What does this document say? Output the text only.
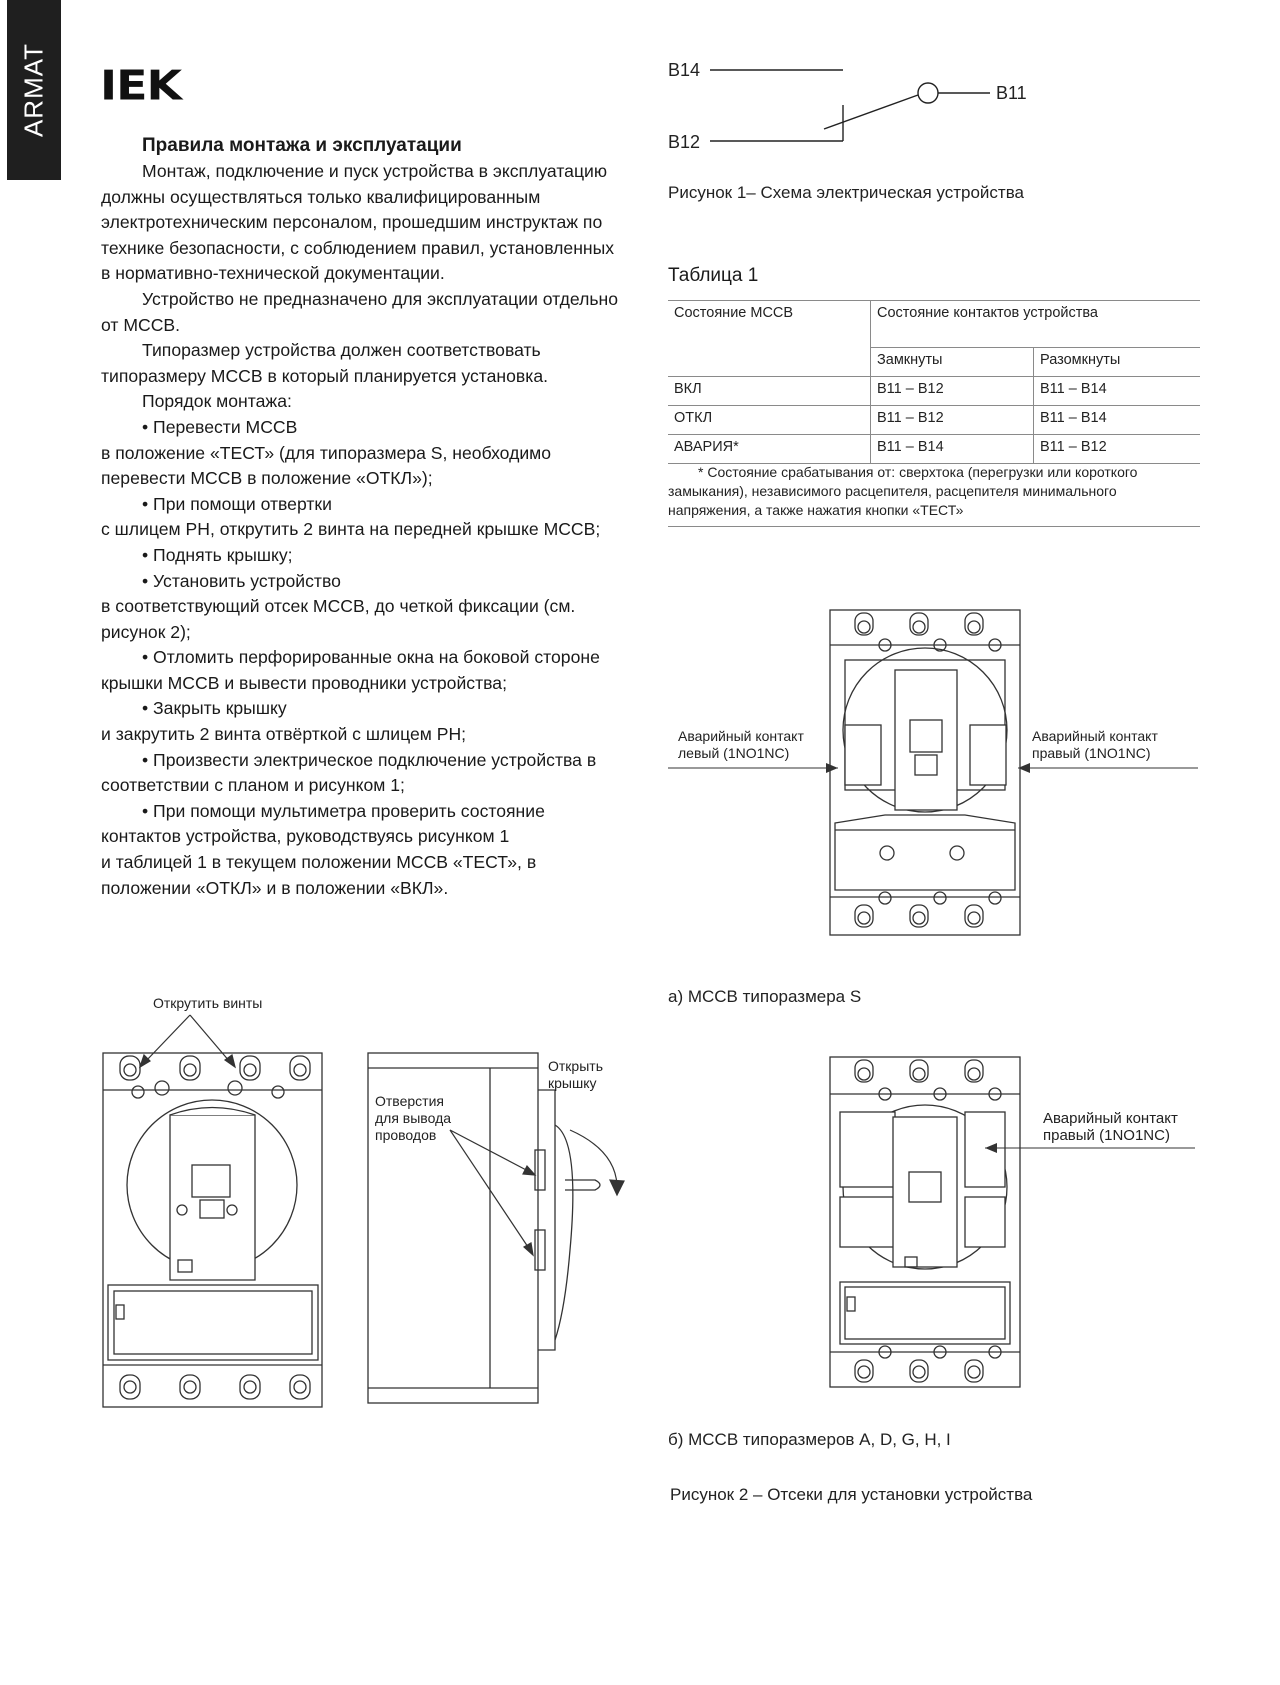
ARMAT IEK
Правила монтажа и эксплуатации

Монтаж, подключение и пуск устройства в эксплуатацию должны осуществляться только квалифицированным электротехническим персоналом, прошедшим инструктаж по технике безопасности, с соблюдением правил, установленных в нормативно-технической документации.

Устройство не предназначено для эксплуатации отдельно от МССВ.

Типоразмер устройства должен соответствовать типоразмеру МССВ в который планируется установка.

Порядок монтажа:

• Перевести МССВ

в положение «ТЕСТ» (для типоразмера S, необходимо перевести МССВ в положение «ОТКЛ»);

• При помощи отвертки

с шлицем РН, открутить 2 винта на передней крышке МССВ;

• Поднять крышку;

• Установить устройство

в соответствующий отсек МССВ, до четкой фиксации (см. рисунок 2);

• Отломить перфорированные окна на боковой стороне крышки МССВ и вывести проводники устройства;

• Закрыть крышку

и закрутить 2 винта отвёрткой с шлицем РН;

• Произвести электрическое подключение устройства в соответствии с планом и рисунком 1;

• При помощи мультиметра проверить состояние контактов устройства, руководствуясь рисунком 1

и таблицей 1 в текущем положении МССВ «ТЕСТ», в положении «ОТКЛ» и в положении «ВКЛ».

B14
B12
B11
Рисунок 1– Схема электрическая устройства
Таблица 1
Состояние МССВ	Состояние контактов устройства	
	Замкнуты	Разомкнуты
ВКЛ	B11 – B12	B11 – B14
ОТКЛ	B11 – B12	B11 – B14
АВАРИЯ*	B11 – B14	B11 – B12
* Состояние срабатывания от: сверхтока (перегрузки или короткого замыкания), независимого расцепителя, расцепителя минимального напряжения, а также нажатия кнопки «ТЕСТ»
Аварийный контакт левый (1NO1NC)
Аварийный контакт правый (1NO1NC)
а) МССВ типоразмера S
Аварийный контакт правый (1NO1NC)
б) МССВ типоразмеров A, D, G, H, I
Рисунок 2 – Отсеки для установки устройства
Открутить винты
Отверстия для вывода проводов
Открыть крышку
